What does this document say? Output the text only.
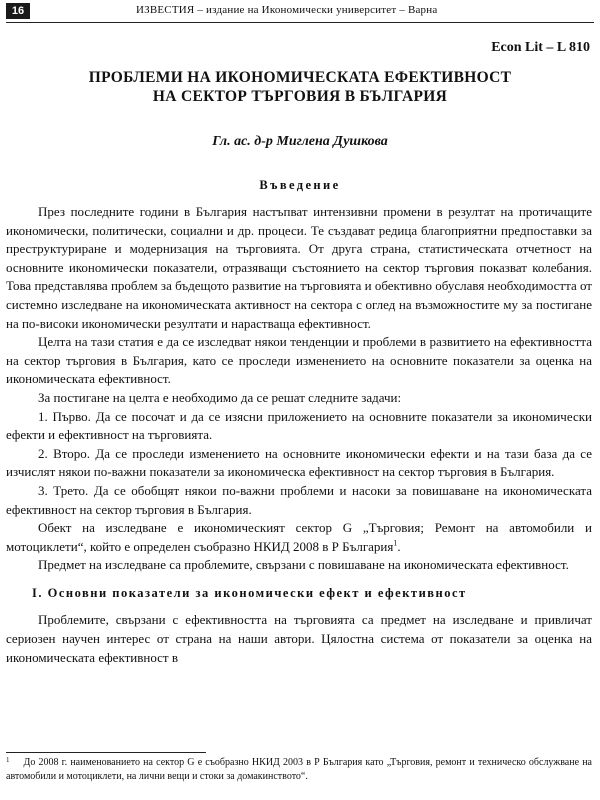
16	ИЗВЕСТИЯ – издание на Икономически университет – Варна
Econ Lit – L 810
ПРОБЛЕМИ НА ИКОНОМИЧЕСКАТА ЕФЕКТИВНОСТ
НА СЕКТОР ТЪРГОВИЯ В БЪЛГАРИЯ
Гл. ас. д-р Миглена Душкова
Въведение

През последните години в България настъпват интензивни промени в резултат на протичащите икономически, политически, социални и др. процеси. Те създават редица благоприятни предпоставки за преструктуриране и модернизация на търговията. От друга страна, статистическата отчетност на основните икономически показатели, отразяващи състоянието на сектор търговия показват колебания. Това представлява проблем за бъдещото развитие на търговията и обективно обуславя необходимостта от системно изследване на икономическата активност на сектора с оглед на възможностите му за постигане на по-високи икономически резултати и нарастваща ефективност.

Целта на тази статия е да се изследват някои тенденции и проблеми в развитието на ефективността на сектор търговия в България, като се проследи изменението на основните показатели за оценка на икономическата ефективност.

За постигане на целта е необходимо да се решат следните задачи:

1. Първо. Да се посочат и да се изясни приложението на основните показатели за икономически ефекти и ефективност на търговията.

2. Второ. Да се проследи изменението на основните икономически ефекти и на тази база да се изчислят някои по-важни показатели за икономическа ефективност на сектор търговия в България.

3. Трето. Да се обобщят някои по-важни проблеми и насоки за повишаване на икономическата ефективност на сектор търговия в България.

Обект на изследване е икономическият сектор G „Търговия; Ремонт на автомобили и мотоциклети“, който е определен съобразно НКИД 2008 в Р България$^1$.

Предмет на изследване са проблемите, свързани с повишаване на икономическата ефективност.

I. Основни показатели за икономически ефект и ефективност

Проблемите, свързани с ефективността на търговията са предмет на изследване и привличат сериозен научен интерес от страна на наши автори. Цялостна система от показатели за оценка на икономическата ефективност в

$^1$ До 2008 г. наименованието на сектор G е съобразно НКИД 2003 в Р България като „Търговия, ремонт и техническо обслужване на автомобили и мотоциклети, на лични вещи и стоки за домакинството“.
